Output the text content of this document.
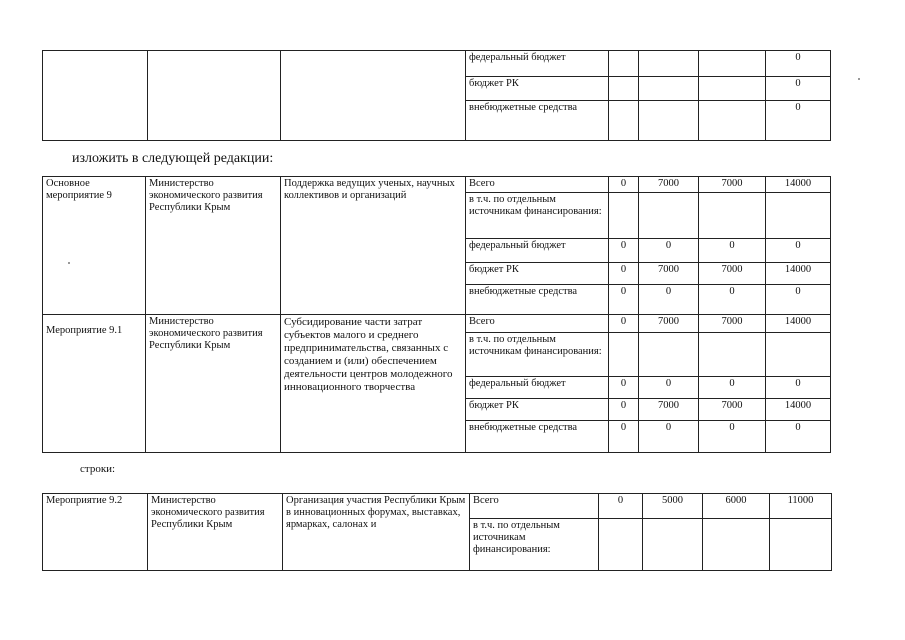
			федеральный бюджет				0
			бюджет РК				0
			внебюджетные средства				0
изложить в следующей редакции:
Основное мероприятие 9	Министерство экономического развития Республики Крым	Поддержка ведущих ученых, научных коллективов и организаций	Всего	0	7000	7000	14000
			в т.ч. по отдельным источникам финансирования:				
			федеральный бюджет	0	0	0	0
			бюджет РК	0	7000	7000	14000
			внебюджетные средства	0	0	0	0
Мероприятие 9.1	Министерство экономического развития Республики Крым	Субсидирование части затрат субъектов малого и среднего предпринимательства, связанных с созданием и (или) обеспечением деятельности центров молодежного инновационного творчества	Всего	0	7000	7000	14000
			в т.ч. по отдельным источникам финансирования:				
			федеральный бюджет	0	0	0	0
			бюджет РК	0	7000	7000	14000
			внебюджетные средства	0	0	0	0
строки:
Мероприятие 9.2	Министерство экономического развития Республики Крым	Организация участия Республики Крым в инновационных форумах, выставках, ярмарках, салонах и	Всего	0	5000	6000	11000
			в т.ч. по отдельным источникам финансирования:				
